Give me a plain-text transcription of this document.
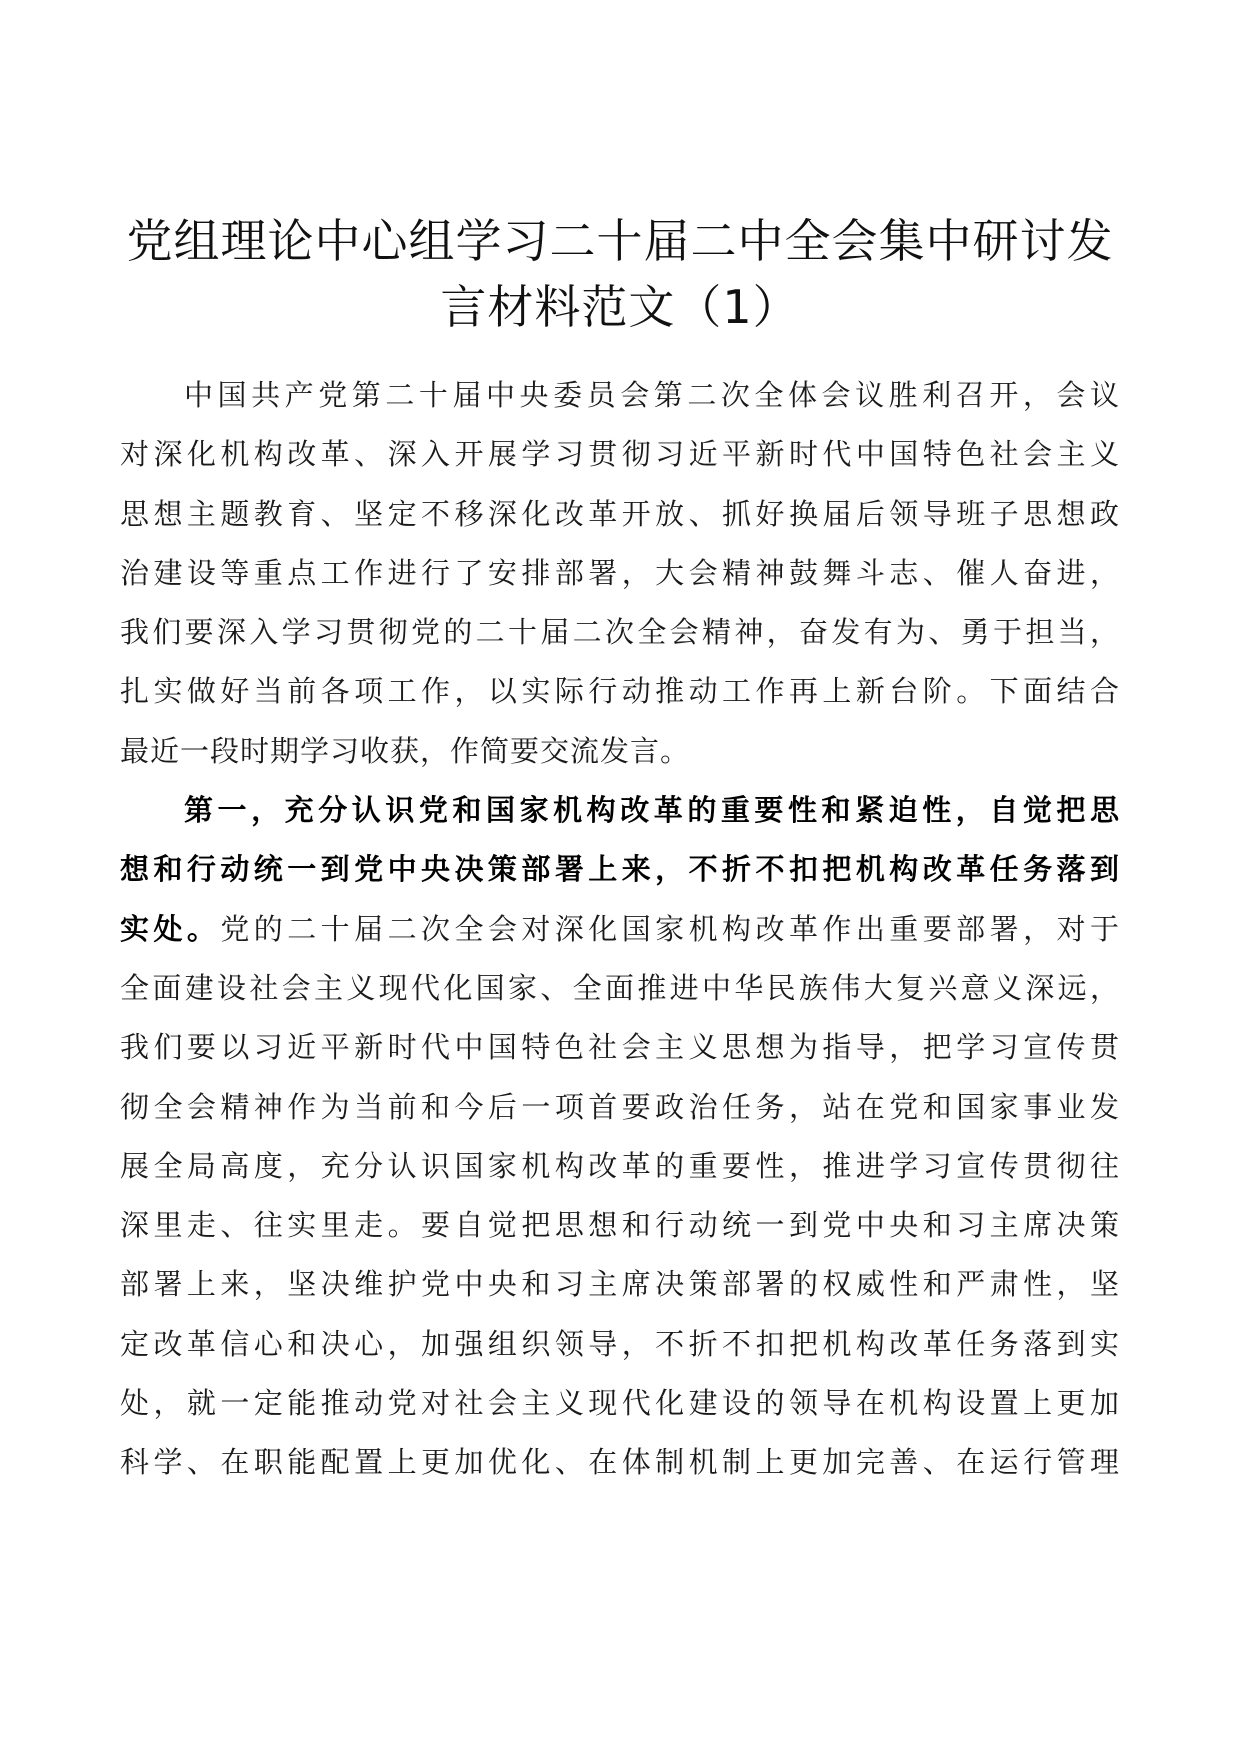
党组理论中心组学习二十届二中全会集中研讨发
言材料范文（1）
中国共产党第二十届中央委员会第二次全体会议胜利召开，会议
对深化机构改革、深入开展学习贯彻习近平新时代中国特色社会主义
思想主题教育、坚定不移深化改革开放、抓好换届后领导班子思想政
治建设等重点工作进行了安排部署，大会精神鼓舞斗志、催人奋进，
我们要深入学习贯彻党的二十届二次全会精神，奋发有为、勇于担当，
扎实做好当前各项工作，以实际行动推动工作再上新台阶。下面结合
最近一段时期学习收获，作简要交流发言。
第一，充分认识党和国家机构改革的重要性和紧迫性，自觉把思
想和行动统一到党中央决策部署上来，不折不扣把机构改革任务落到
实处。党的二十届二次全会对深化国家机构改革作出重要部署，对于
全面建设社会主义现代化国家、全面推进中华民族伟大复兴意义深远，
我们要以习近平新时代中国特色社会主义思想为指导，把学习宣传贯
彻全会精神作为当前和今后一项首要政治任务，站在党和国家事业发
展全局高度，充分认识国家机构改革的重要性，推进学习宣传贯彻往
深里走、往实里走。要自觉把思想和行动统一到党中央和习主席决策
部署上来，坚决维护党中央和习主席决策部署的权威性和严肃性，坚
定改革信心和决心，加强组织领导，不折不扣把机构改革任务落到实
处，就一定能推动党对社会主义现代化建设的领导在机构设置上更加
科学、在职能配置上更加优化、在体制机制上更加完善、在运行管理
